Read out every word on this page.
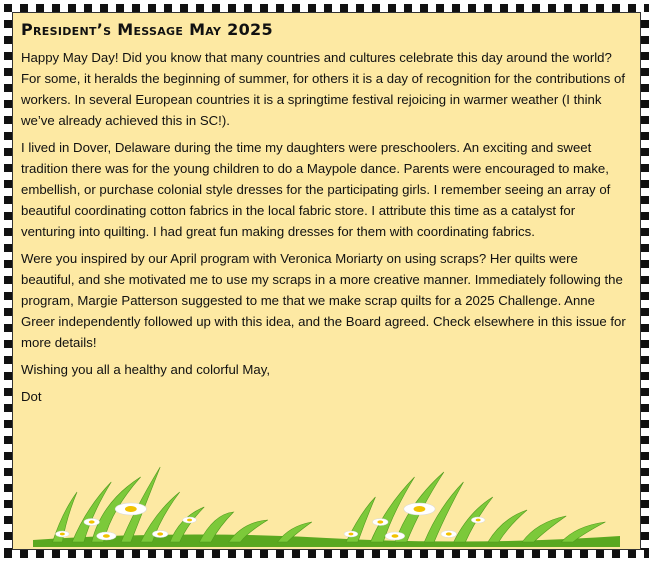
President’s Message May 2025

Happy May Day! Did you know that many countries and cultures celebrate this day around the world? For some, it heralds the beginning of summer, for others it is a day of recognition for the contributions of workers. In several European countries it is a springtime festival rejoicing in warmer weather (I think we’ve already achieved this in SC!).

I lived in Dover, Delaware during the time my daughters were preschoolers. An exciting and sweet tradition there was for the young children to do a Maypole dance. Parents were encouraged to make, embellish, or purchase colonial style dresses for the participating girls. I remember seeing an array of beautiful coordinating cotton fabrics in the local fabric store. I attribute this time as a catalyst for venturing into quilting. I had great fun making dresses for them with coordinating fabrics.

Were you inspired by our April program with Veronica Moriarty on using scraps? Her quilts were beautiful, and she motivated me to use my scraps in a more creative manner. Immediately following the program, Margie Patterson suggested to me that we make scrap quilts for a 2025 Challenge. Anne Greer independently followed up with this idea, and the Board agreed. Check elsewhere in this issue for more details!

Wishing you all a healthy and colorful May,

Dot
